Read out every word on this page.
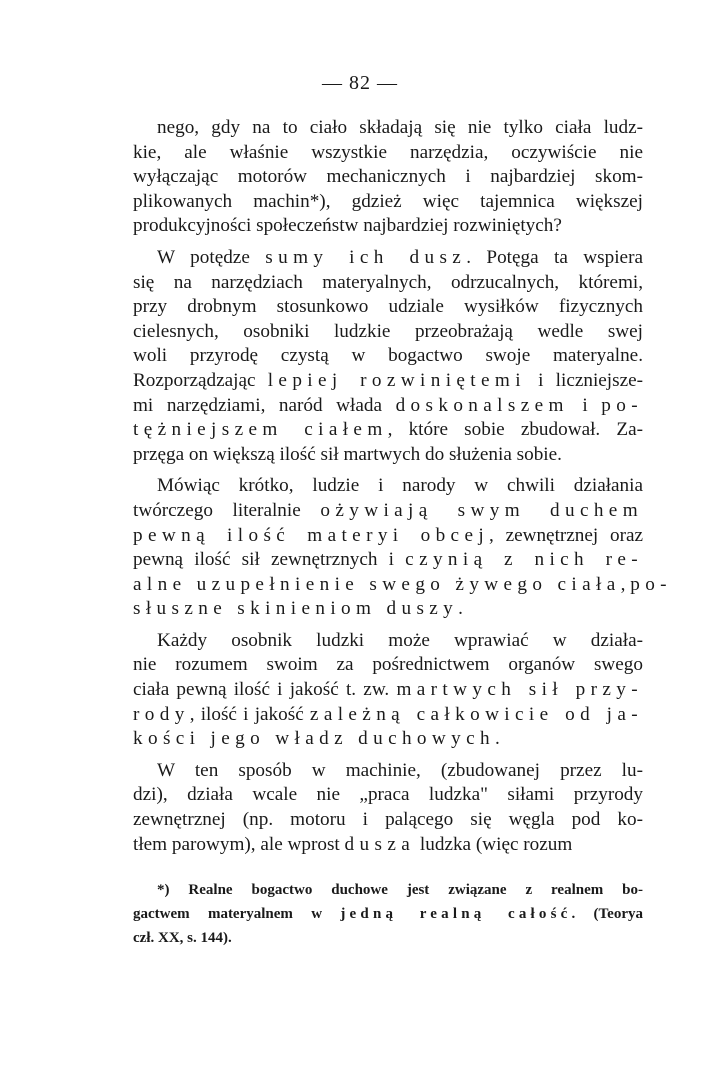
— 82 —
nego, gdy na to ciało składają się nie tylko ciała ludz-
kie, ale właśnie wszystkie narzędzia, oczywiście nie
wyłączając motorów mechanicznych i najbardziej skom-
plikowanych machin*), gdzież więc tajemnica większej
produkcyjności społeczeństw najbardziej rozwiniętych?
W potędze sumy ich dusz. Potęga ta wspiera
się na narzędziach materyalnych, odrzucalnych, któremi,
przy drobnym stosunkowo udziale wysiłków fizycznych
cielesnych, osobniki ludzkie przeobrażają wedle swej
woli przyrodę czystą w bogactwo swoje materyalne.
Rozporządzając lepiej rozwiniętemi i liczniejsze-
mi narzędziami, naród włada doskonalszem i po-
tężniejszem ciałem, które sobie zbudował. Za-
przęga on większą ilość sił martwych do służenia sobie.
Mówiąc krótko, ludzie i narody w chwili działania
twórczego literalnie ożywiają swym duchem
pewną ilość materyi obcej, zewnętrznej oraz
pewną ilość sił zewnętrznych i czynią z nich re-
alne uzupełnienie swego żywego ciała, po-
słuszne skinieniom duszy.
Każdy osobnik ludzki może wprawiać w działa-
nie rozumem swoim za pośrednictwem organów swego
ciała pewną ilość i jakość t. zw. martwych sił przy-
rody, ilość i jakość zależną całkowicie od ja-
kości jego władz duchowych.
W ten sposób w machinie, (zbudowanej przez lu-
dzi), działa wcale nie „praca ludzka" siłami przyrody
zewnętrznej (np. motoru i palącego się węgla pod ko-
tłem parowym), ale wprost dusza ludzka (więc rozum
*) Realne bogactwo duchowe jest związane z realnem bo-
gactwem materyalnem w jedną realną całość. (Teorya
czł. XX, s. 144).
